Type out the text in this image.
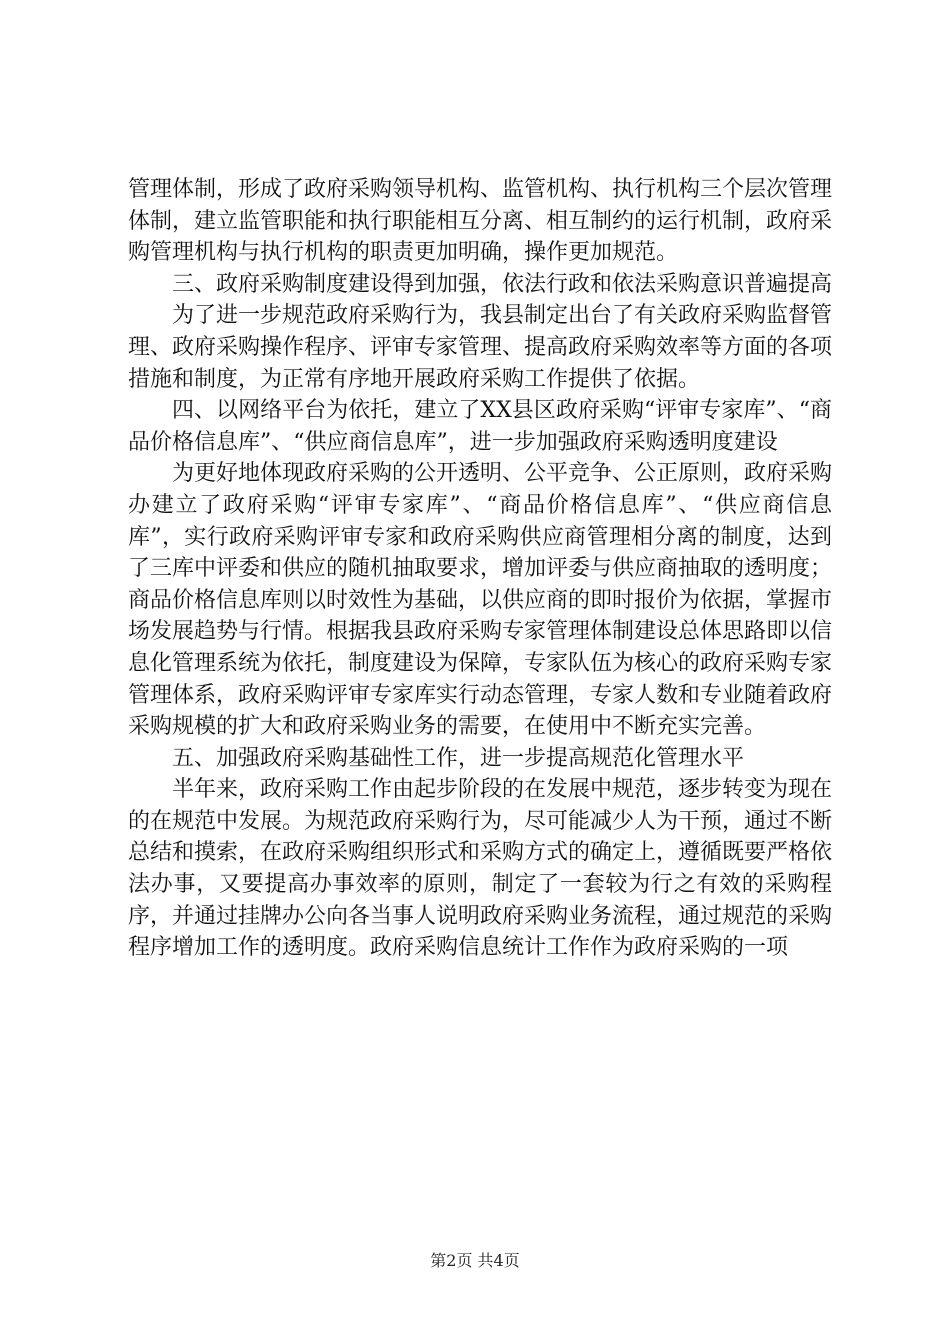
管理体制，形成了政府采购领导机构、监管机构、执行机构三个层次管理体制，建立监管职能和执行职能相互分离、相互制约的运行机制，政府采购管理机构与执行机构的职责更加明确，操作更加规范。

三、政府采购制度建设得到加强，依法行政和依法采购意识普遍提高

为了进一步规范政府采购行为，我县制定出台了有关政府采购监督管理、政府采购操作程序、评审专家管理、提高政府采购效率等方面的各项措施和制度，为正常有序地开展政府采购工作提供了依据。

四、以网络平台为依托，建立了XX县区政府采购“评审专家库”、“商品价格信息库”、“供应商信息库”，进一步加强政府采购透明度建设

为更好地体现政府采购的公开透明、公平竞争、公正原则，政府采购办建立了政府采购“评审专家库”、“商品价格信息库”、“供应商信息库”，实行政府采购评审专家和政府采购供应商管理相分离的制度，达到了三库中评委和供应的随机抽取要求，增加评委与供应商抽取的透明度；商品价格信息库则以时效性为基础，以供应商的即时报价为依据，掌握市场发展趋势与行情。根据我县政府采购专家管理体制建设总体思路即以信息化管理系统为依托，制度建设为保障，专家队伍为核心的政府采购专家管理体系，政府采购评审专家库实行动态管理，专家人数和专业随着政府采购规模的扩大和政府采购业务的需要，在使用中不断充实完善。

五、加强政府采购基础性工作，进一步提高规范化管理水平

半年来，政府采购工作由起步阶段的在发展中规范，逐步转变为现在的在规范中发展。为规范政府采购行为，尽可能减少人为干预，通过不断总结和摸索，在政府采购组织形式和采购方式的确定上，遵循既要严格依法办事，又要提高办事效率的原则，制定了一套较为行之有效的采购程序，并通过挂牌办公向各当事人说明政府采购业务流程，通过规范的采购程序增加工作的透明度。政府采购信息统计工作作为政府采购的一项

第2页 共4页
